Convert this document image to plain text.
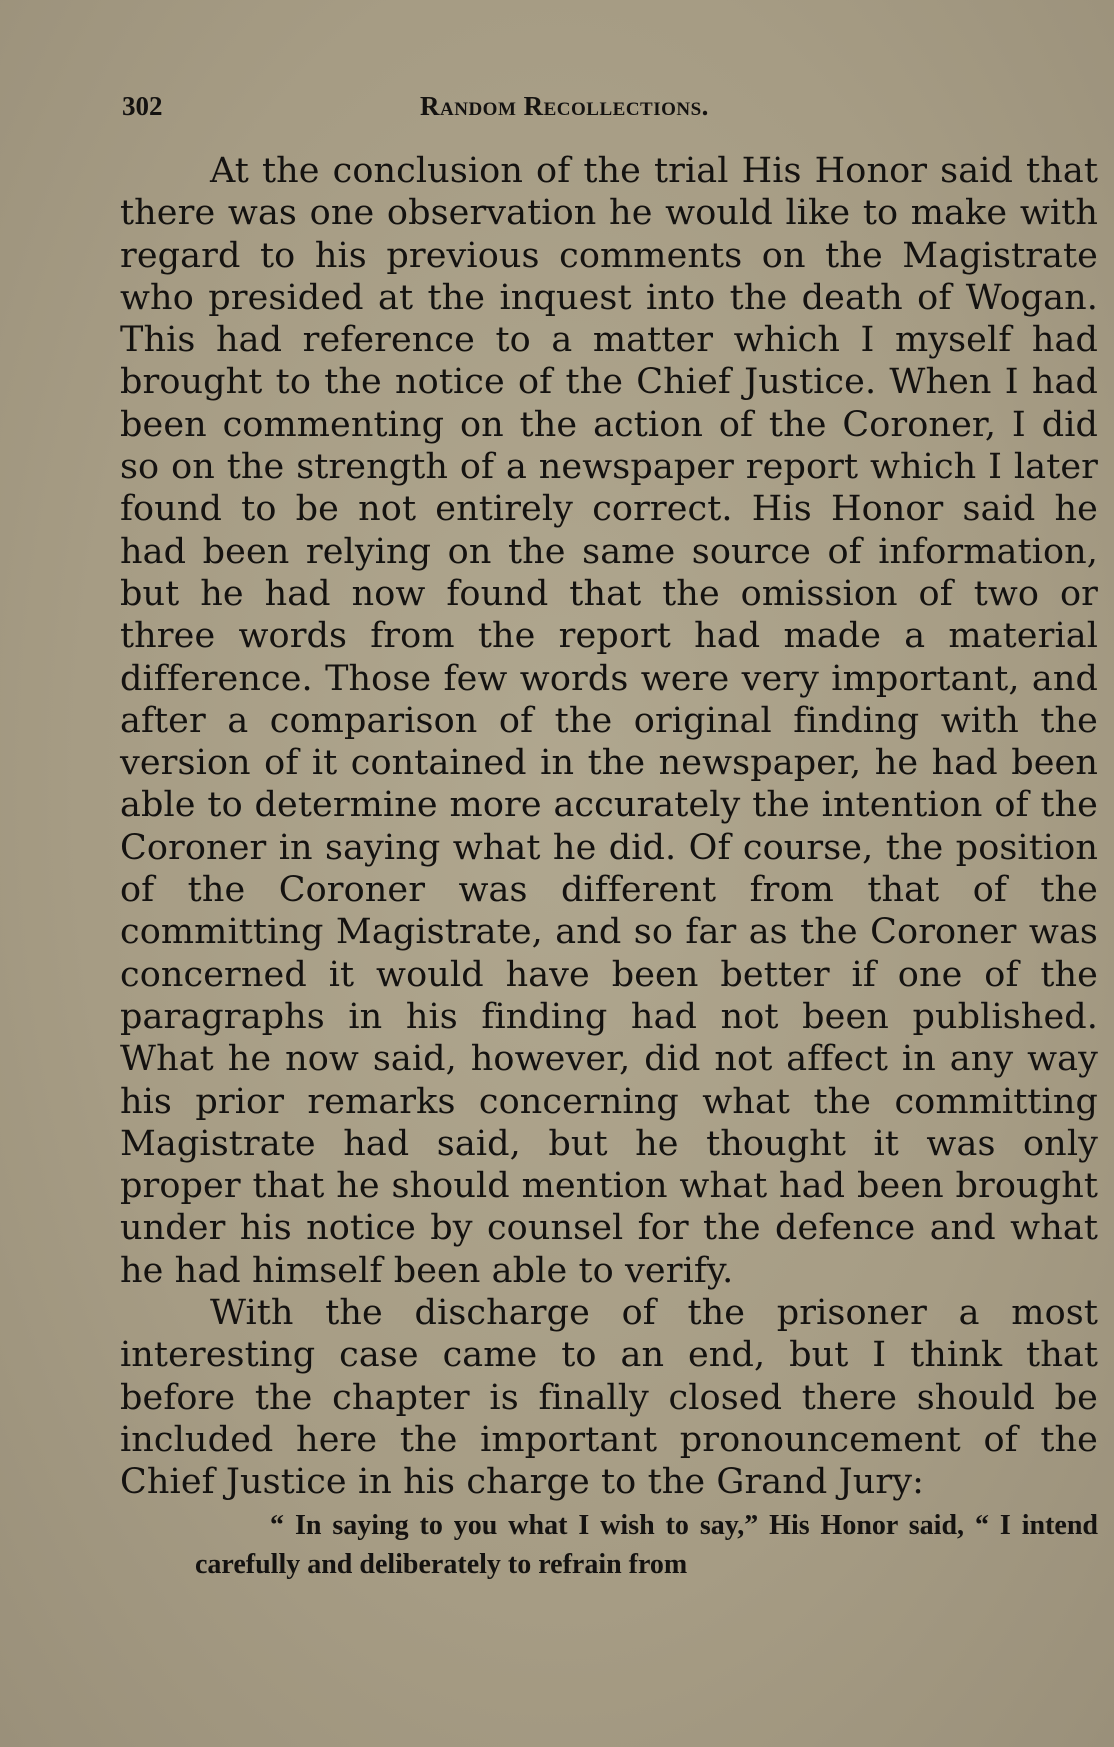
302	Random Recollections.

At the conclusion of the trial His Honor said that there was one observation he would like to make with regard to his previous comments on the Magistrate who presided at the inquest into the death of Wogan. This had reference to a matter which I myself had brought to the notice of the Chief Justice. When I had been commenting on the action of the Coroner, I did so on the strength of a newspaper report which I later found to be not entirely correct. His Honor said he had been relying on the same source of information, but he had now found that the omission of two or three words from the report had made a material difference. Those few words were very important, and after a comparison of the original finding with the version of it contained in the newspaper, he had been able to determine more accurately the intention of the Coroner in saying what he did. Of course, the position of the Coroner was different from that of the committing Magistrate, and so far as the Coroner was concerned it would have been better if one of the paragraphs in his finding had not been published. What he now said, however, did not affect in any way his prior remarks concerning what the committing Magistrate had said, but he thought it was only proper that he should mention what had been brought under his notice by counsel for the defence and what he had himself been able to verify.

With the discharge of the prisoner a most interesting case came to an end, but I think that before the chapter is finally closed there should be included here the important pronouncement of the Chief Justice in his charge to the Grand Jury:

“ In saying to you what I wish to say,” His Honor said, “ I intend carefully and deliberately to refrain from
